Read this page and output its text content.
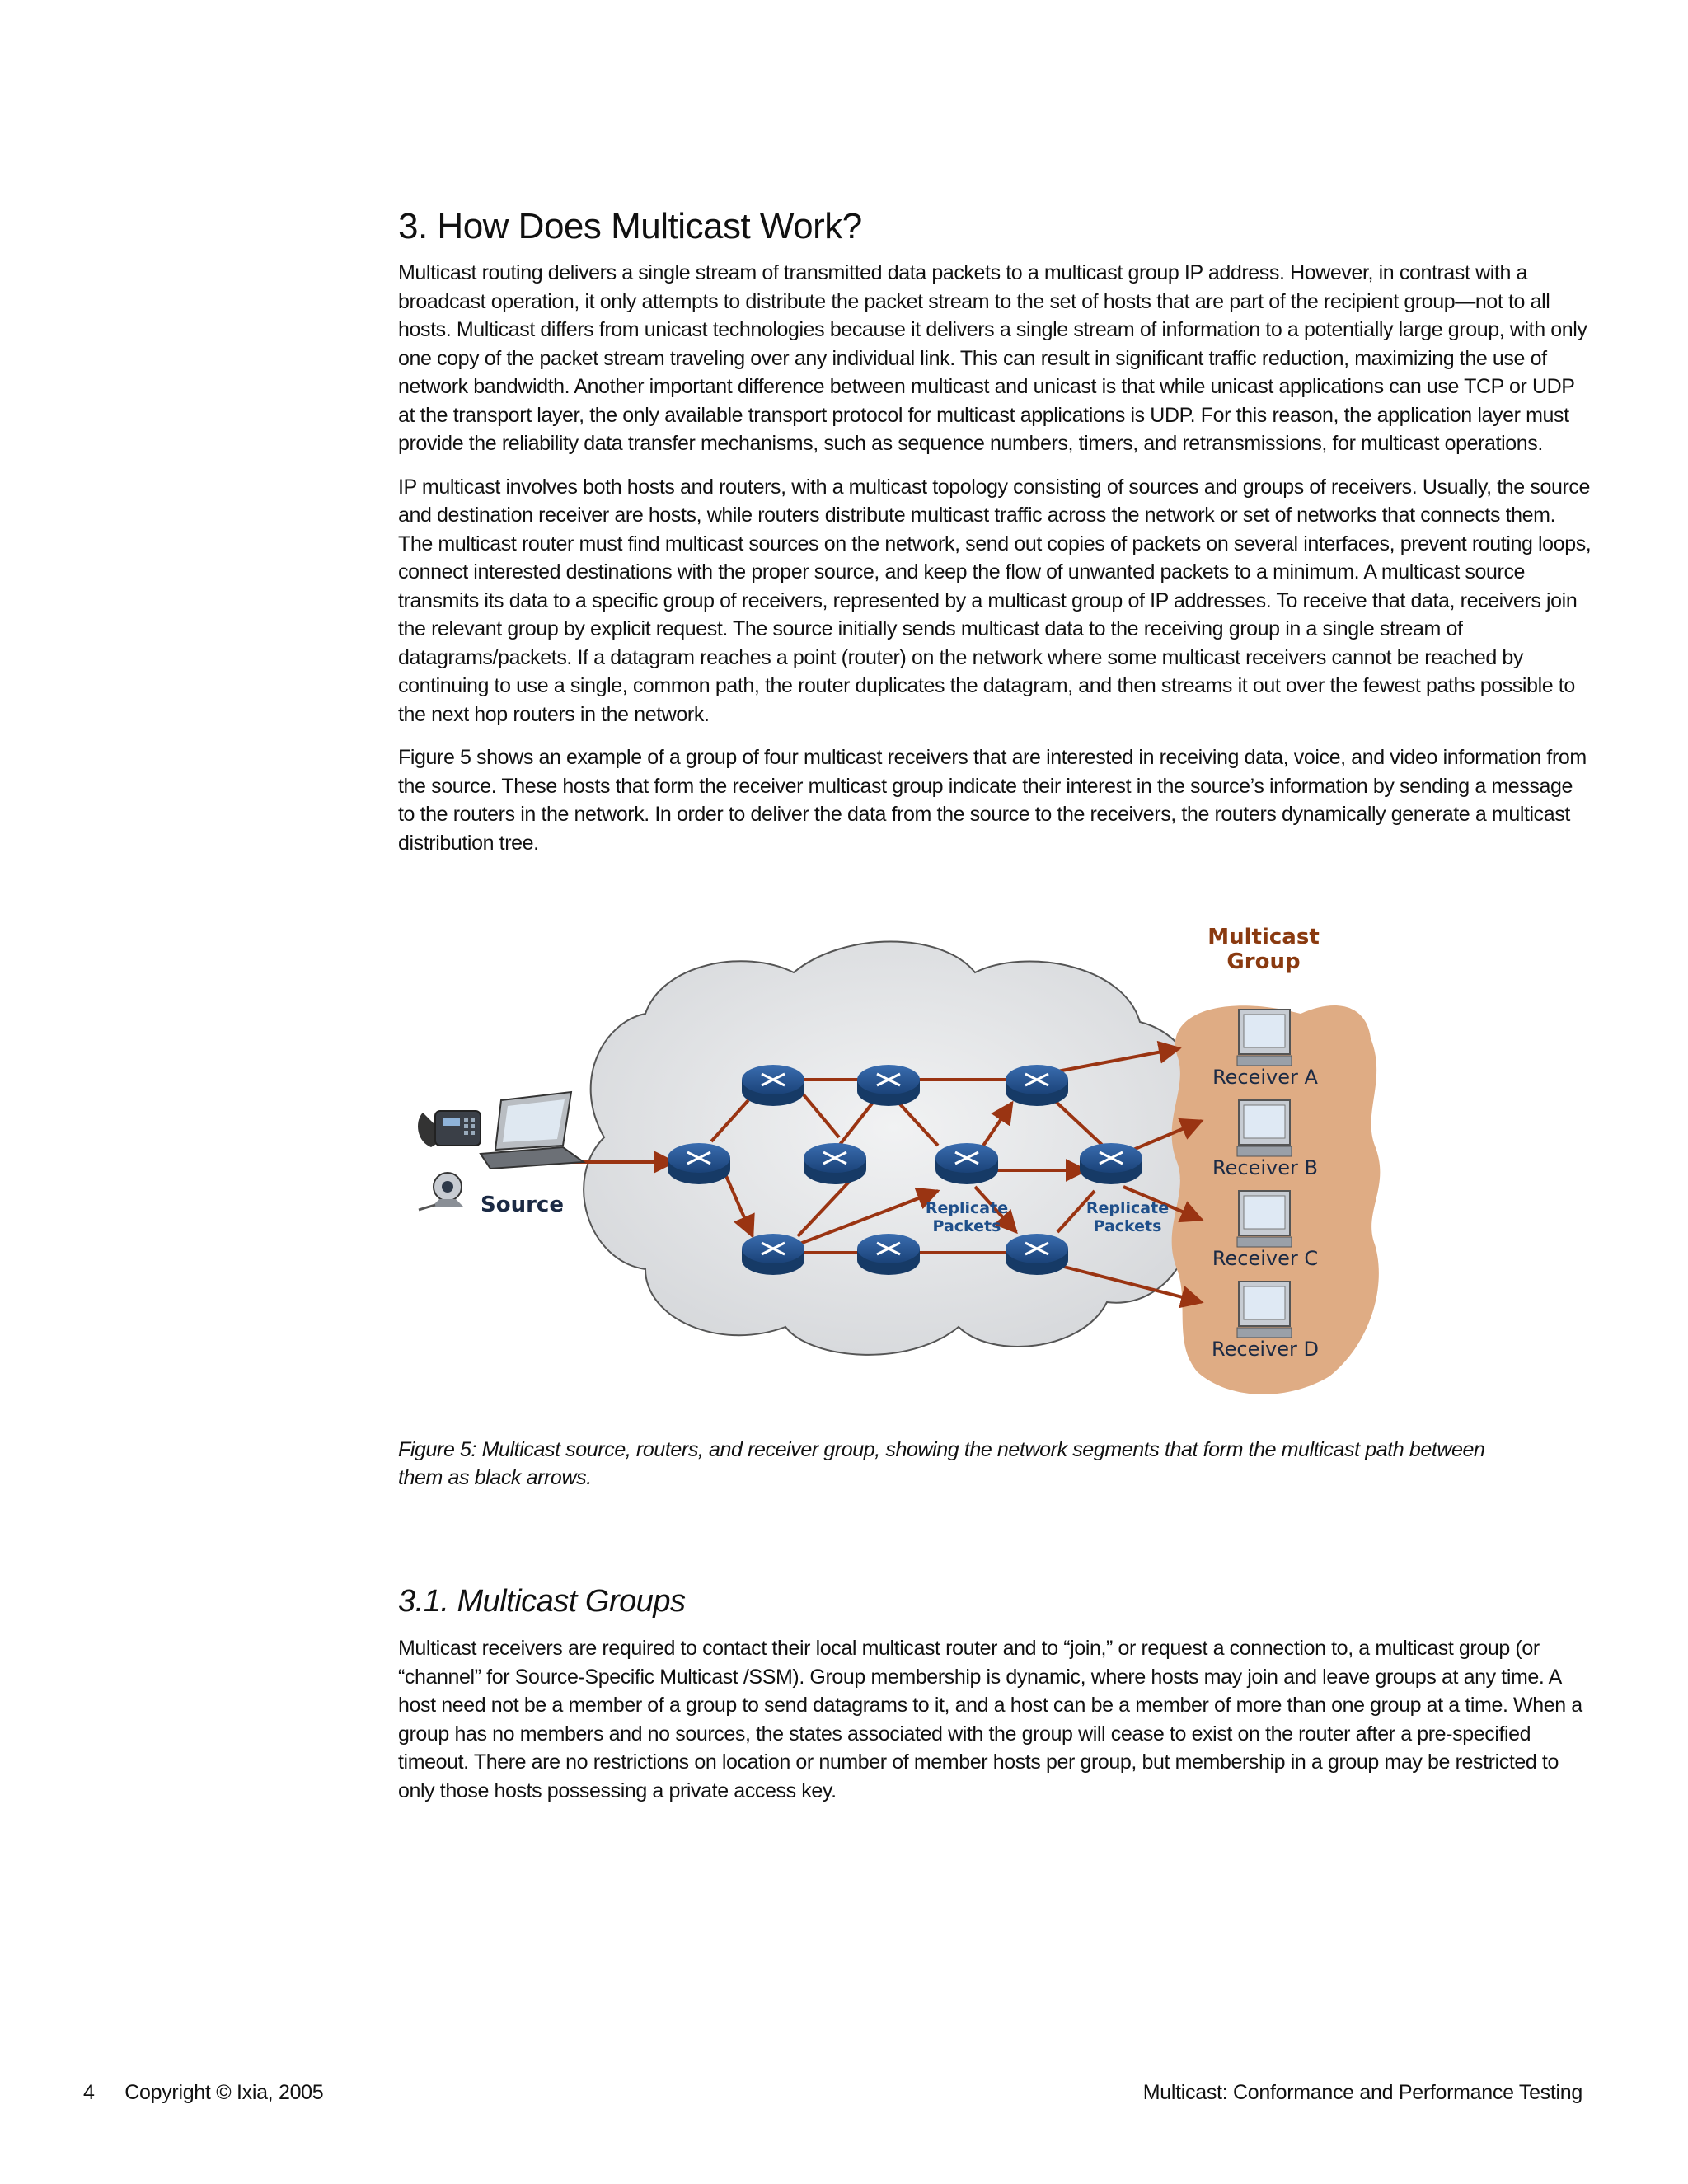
3. How Does Multicast Work?

Multicast routing delivers a single stream of transmitted data packets to a multicast group IP address. However, in contrast with a broadcast operation, it only attempts to distribute the packet stream to the set of hosts that are part of the recipient group—not to all hosts. Multicast differs from unicast technologies because it delivers a single stream of information to a potentially large group, with only one copy of the packet stream traveling over any individual link. This can result in significant traffic reduction, maximizing the use of network bandwidth. Another important difference between multicast and unicast is that while unicast applications can use TCP or UDP at the transport layer, the only available transport protocol for multicast applications is UDP. For this reason, the application layer must provide the reliability data transfer mechanisms, such as sequence numbers, timers, and retransmissions, for multicast operations.

IP multicast involves both hosts and routers, with a multicast topology consisting of sources and groups of receivers. Usually, the source and destination receiver are hosts, while routers distribute multicast traffic across the network or set of networks that connects them. The multicast router must find multicast sources on the network, send out copies of packets on several interfaces, prevent routing loops, connect interested destinations with the proper source, and keep the flow of unwanted packets to a minimum. A multicast source transmits its data to a specific group of receivers, represented by a multicast group of IP addresses. To receive that data, receivers join the relevant group by explicit request. The source initially sends multicast data to the receiving group in a single stream of datagrams/packets. If a datagram reaches a point (router) on the network where some multicast receivers cannot be reached by continuing to use a single, common path, the router duplicates the datagram, and then streams it out over the fewest paths possible to the next hop routers in the network.

Figure 5 shows an example of a group of four multicast receivers that are interested in receiving data, voice, and video information from the source. These hosts that form the receiver multicast group indicate their interest in the source’s information by sending a message to the routers in the network. In order to deliver the data from the source to the receivers, the routers dynamically generate a multicast distribution tree.

Replicate
Packets
Replicate
Packets
Source
Multicast
Group
Receiver A
Receiver B
Receiver C
Receiver D
Figure 5: Multicast source, routers, and receiver group, showing the network segments that form the multicast path between them as black arrows.
3.1. Multicast Groups

Multicast receivers are required to contact their local multicast router and to “join,” or request a connection to, a multicast group (or “channel” for Source-Specific Multicast /SSM). Group membership is dynamic, where hosts may join and leave groups at any time. A host need not be a member of a group to send datagrams to it, and a host can be a member of more than one group at a time. When a group has no members and no sources, the states associated with the group will cease to exist on the router after a pre-specified timeout. There are no restrictions on location or number of member hosts per group, but membership in a group may be restricted to only those hosts possessing a private access key.

4 Copyright © Ixia, 2005	Multicast: Conformance and Performance Testing
